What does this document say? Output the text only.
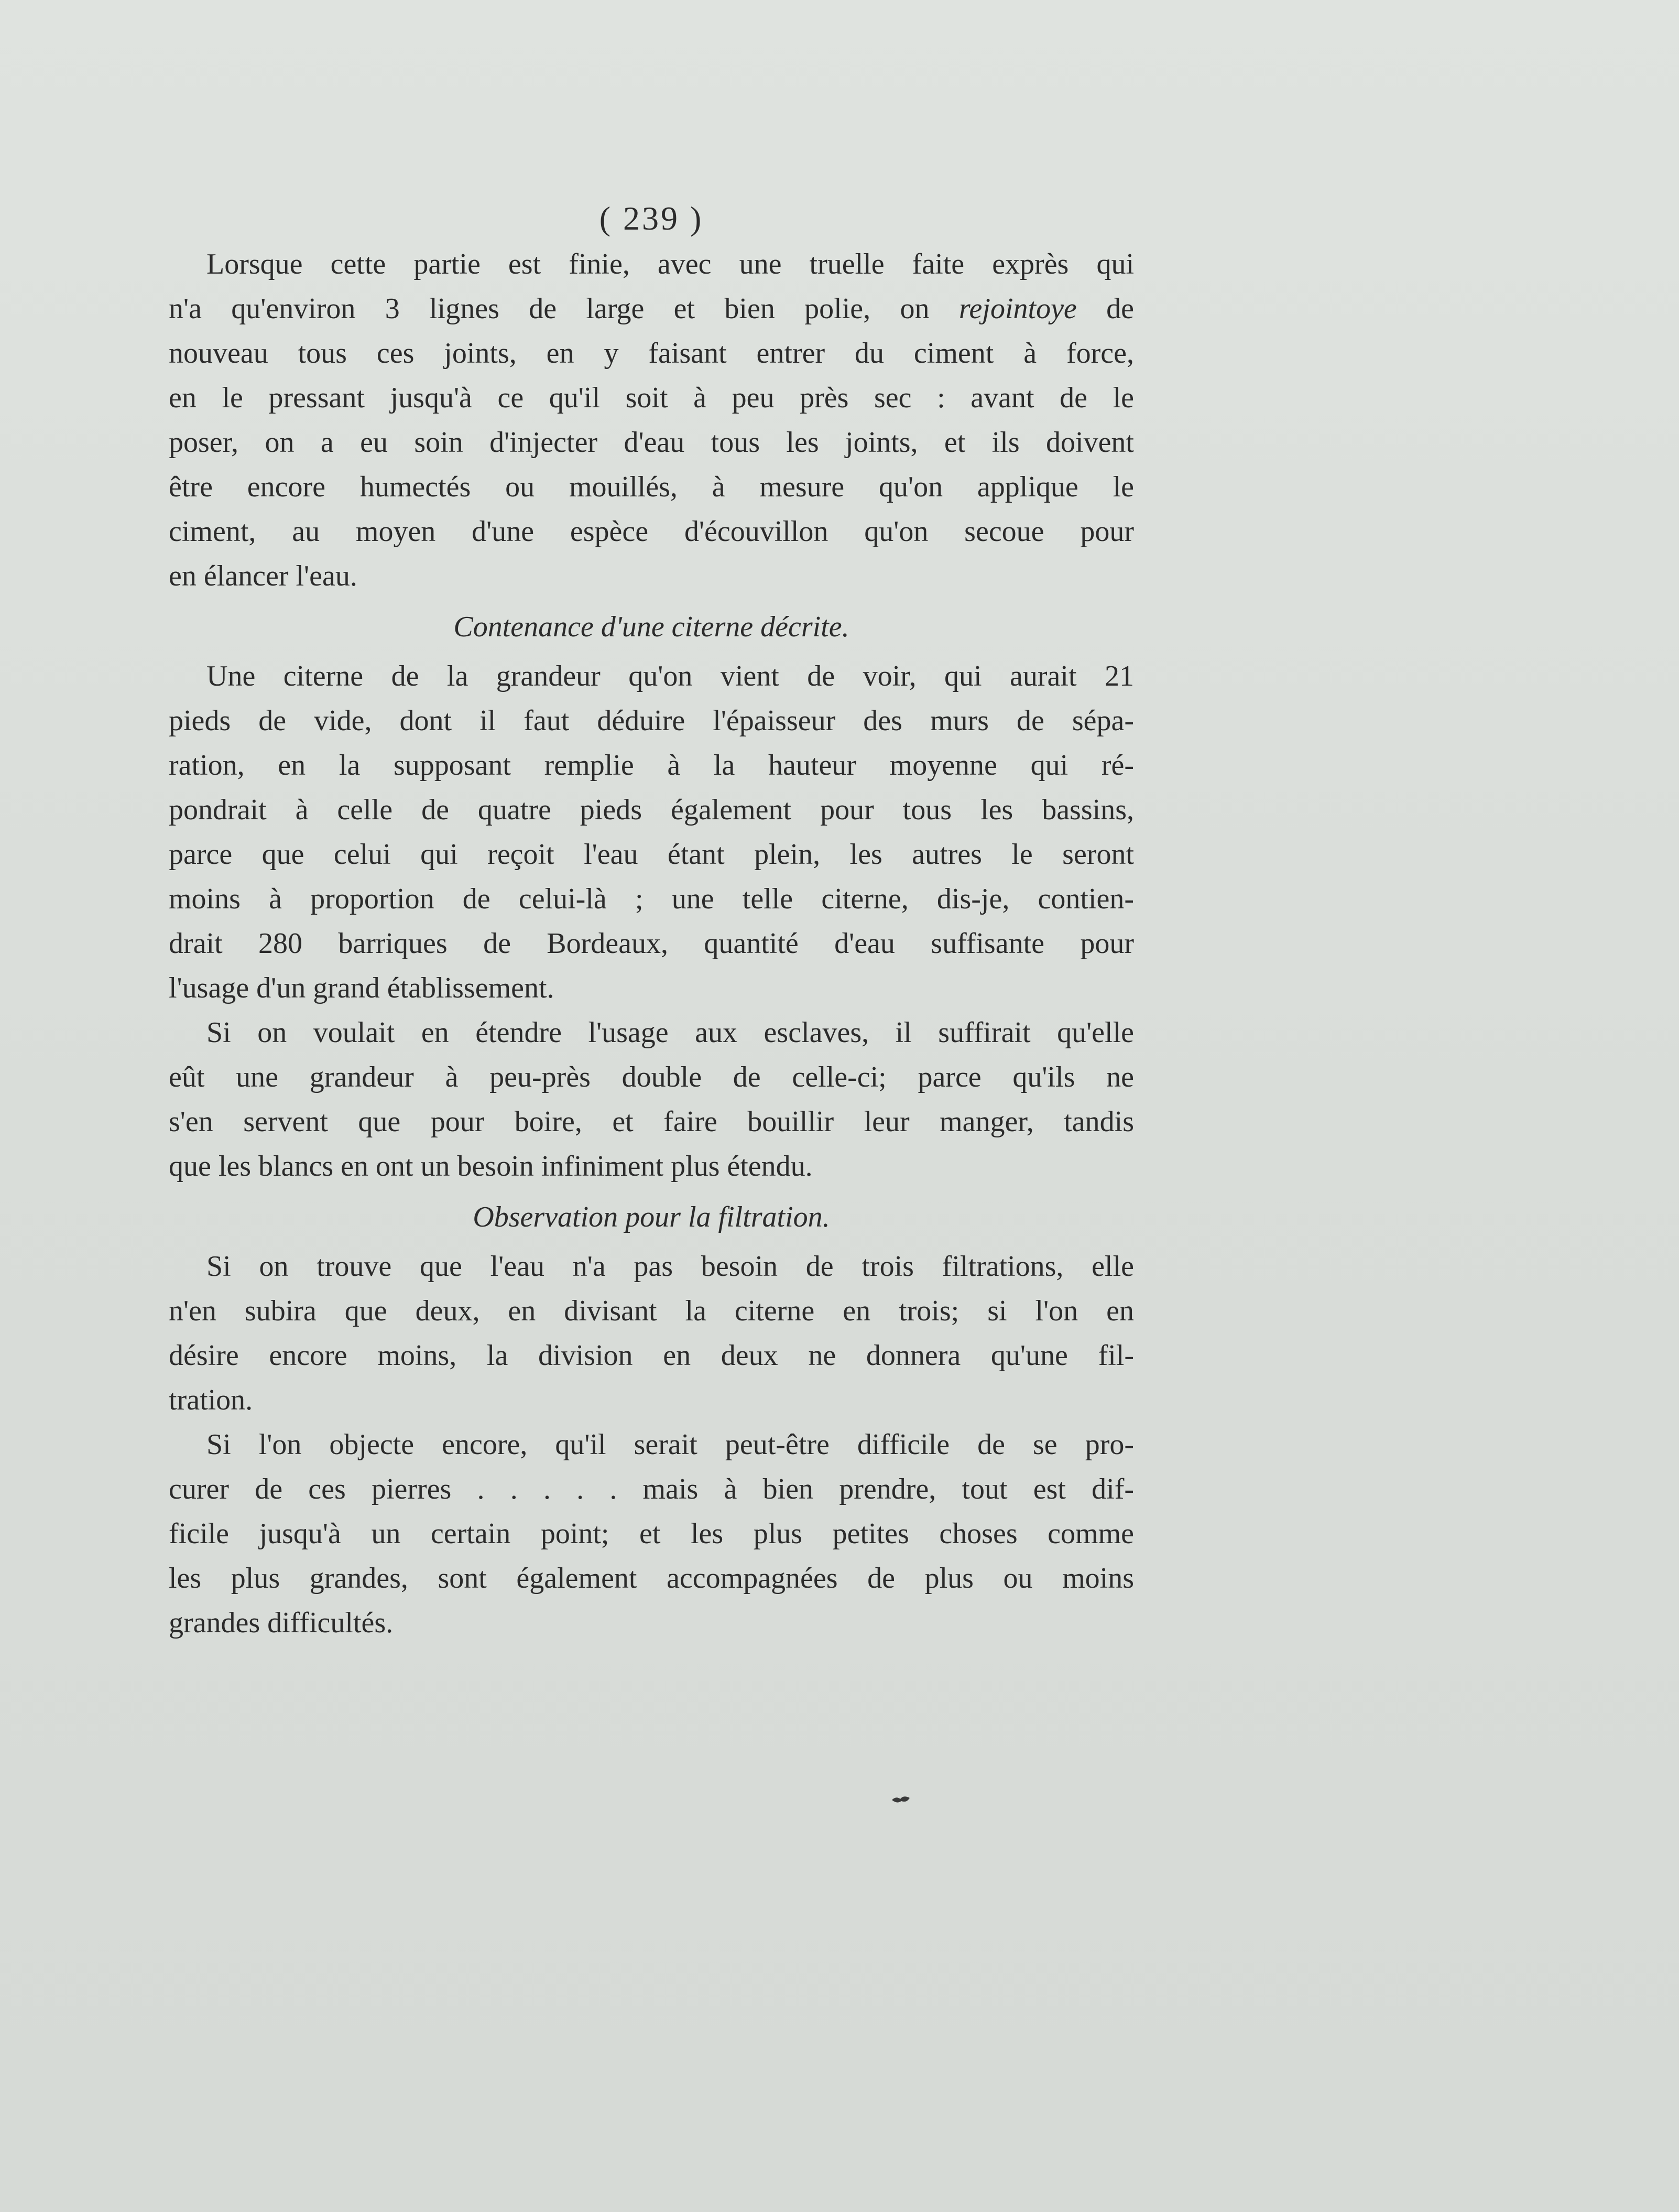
( 239 )

Lorsque cette partie est finie, avec une truelle faite exprès qui
n'a qu'environ 3 lignes de large et bien polie, on rejointoye de
nouveau tous ces joints, en y faisant entrer du ciment à force,
en le pressant jusqu'à ce qu'il soit à peu près sec : avant de le
poser, on a eu soin d'injecter d'eau tous les joints, et ils doivent
être encore humectés ou mouillés, à mesure qu'on applique le
ciment, au moyen d'une espèce d'écouvillon qu'on secoue pour
en élancer l'eau.

Contenance d'une citerne décrite.

Une citerne de la grandeur qu'on vient de voir, qui aurait 21
pieds de vide, dont il faut déduire l'épaisseur des murs de sépa-
ration, en la supposant remplie à la hauteur moyenne qui ré-
pondrait à celle de quatre pieds également pour tous les bassins,
parce que celui qui reçoit l'eau étant plein, les autres le seront
moins à proportion de celui-là ; une telle citerne, dis-je, contien-
drait 280 barriques de Bordeaux, quantité d'eau suffisante pour
l'usage d'un grand établissement.

Si on voulait en étendre l'usage aux esclaves, il suffirait qu'elle
eût une grandeur à peu-près double de celle-ci; parce qu'ils ne
s'en servent que pour boire, et faire bouillir leur manger, tandis
que les blancs en ont un besoin infiniment plus étendu.

Observation pour la filtration.

Si on trouve que l'eau n'a pas besoin de trois filtrations, elle
n'en subira que deux, en divisant la citerne en trois; si l'on en
désire encore moins, la division en deux ne donnera qu'une fil-
tration.

Si l'on objecte encore, qu'il serait peut-être difficile de se pro-
curer de ces pierres . . . . . mais à bien prendre, tout est dif-
ficile jusqu'à un certain point; et les plus petites choses comme
les plus grandes, sont également accompagnées de plus ou moins
grandes difficultés.
